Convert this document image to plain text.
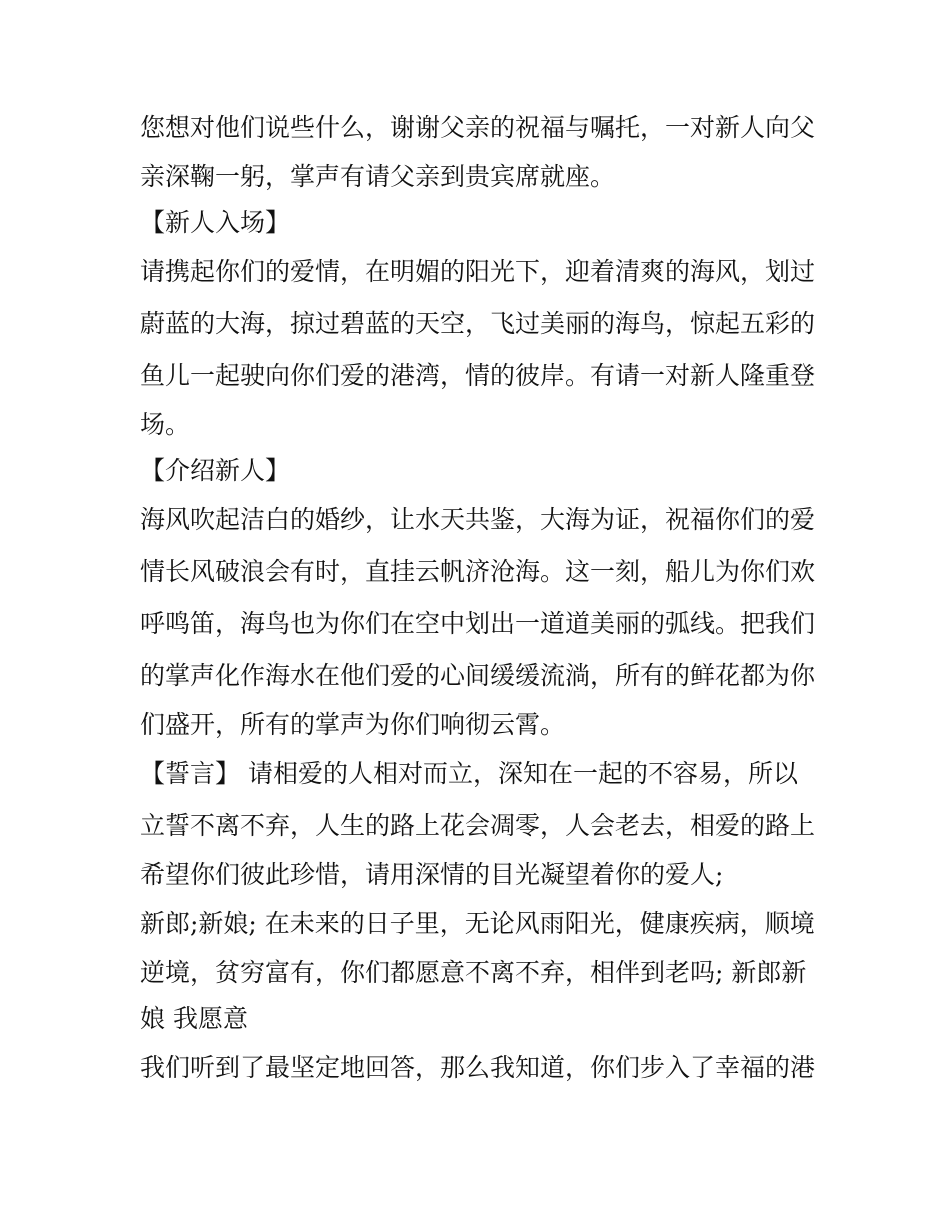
您想对他们说些什么，谢谢父亲的祝福与嘱托，一对新人向父
亲深鞠一躬，掌声有请父亲到贵宾席就座。
【新人入场】
请携起你们的爱情，在明媚的阳光下，迎着清爽的海风，划过
蔚蓝的大海，掠过碧蓝的天空，飞过美丽的海鸟，惊起五彩的
鱼儿一起驶向你们爱的港湾，情的彼岸。有请一对新人隆重登
场。
【介绍新人】
海风吹起洁白的婚纱，让水天共鉴，大海为证，祝福你们的爱
情长风破浪会有时，直挂云帆济沧海。这一刻，船儿为你们欢
呼鸣笛，海鸟也为你们在空中划出一道道美丽的弧线。把我们
的掌声化作海水在他们爱的心间缓缓流淌，所有的鲜花都为你
们盛开，所有的掌声为你们响彻云霄。
【誓言】 请相爱的人相对而立，深知在一起的不容易，所以
立誓不离不弃，人生的路上花会凋零，人会老去，相爱的路上
希望你们彼此珍惜，请用深情的目光凝望着你的爱人;
新郎;新娘; 在未来的日子里，无论风雨阳光，健康疾病，顺境
逆境，贫穷富有，你们都愿意不离不弃，相伴到老吗; 新郎新
娘 我愿意
我们听到了最坚定地回答，那么我知道，你们步入了幸福的港
